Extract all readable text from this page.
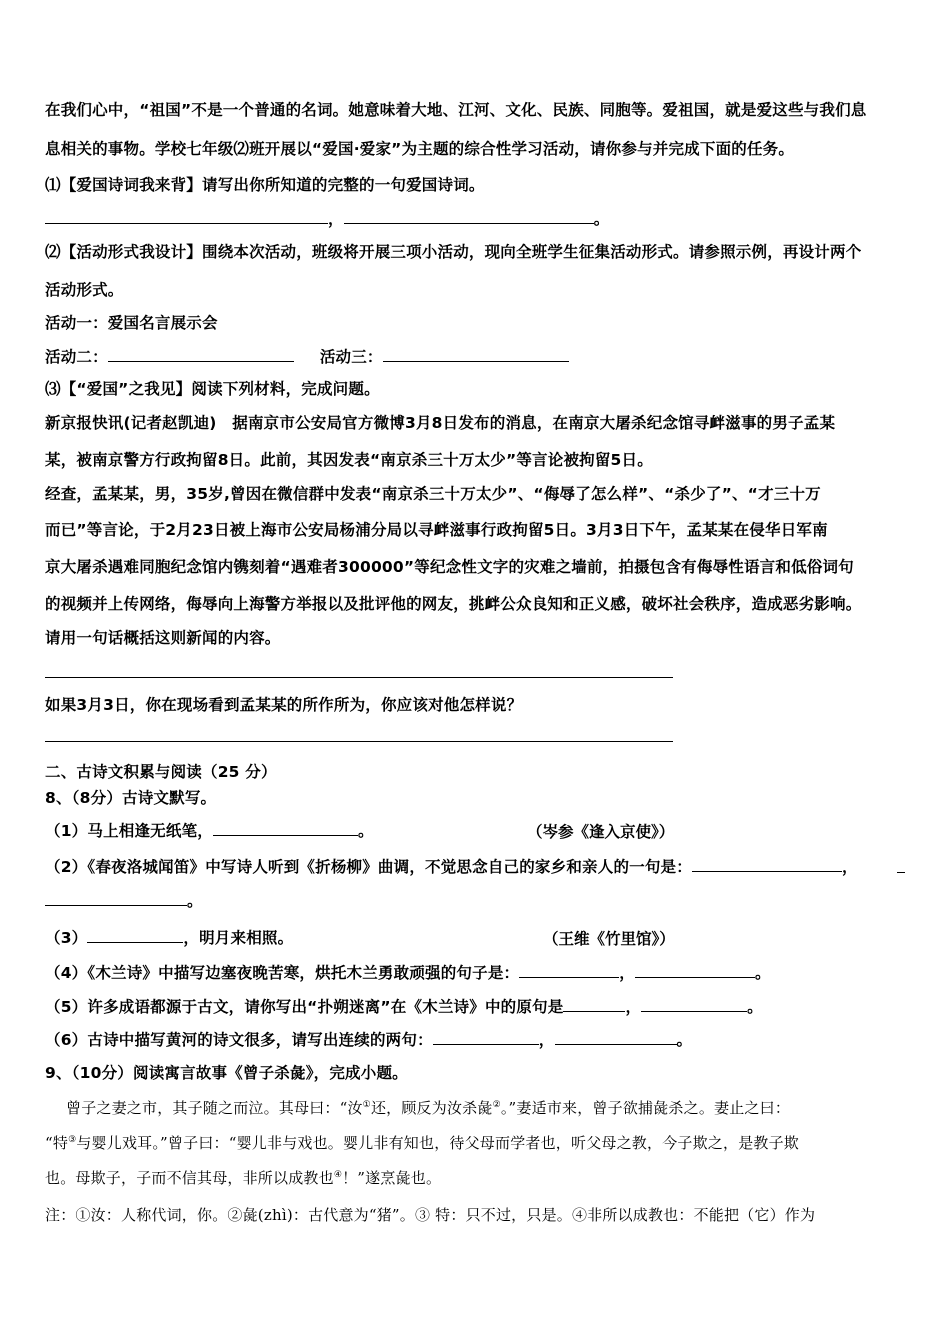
在我们心中，“祖国”不是一个普通的名词。她意味着大地、江河、文化、民族、同胞等。爱祖国，就是爱这些与我们息
息相关的事物。学校七年级⑵班开展以“爱国·爱家”为主题的综合性学习活动，请你参与并完成下面的任务。
⑴【爱国诗词我来背】请写出你所知道的完整的一句爱国诗词。
，	。
⑵【活动形式我设计】围绕本次活动，班级将开展三项小活动，现向全班学生征集活动形式。请参照示例，再设计两个
活动形式。
活动一：爱国名言展示会
活动二：	活动三：
⑶【“爱国”之我见】阅读下列材料，完成问题。
新京报快讯(记者赵凯迪)　据南京市公安局官方微博3月8日发布的消息，在南京大屠杀纪念馆寻衅滋事的男子孟某
某，被南京警方行政拘留8日。此前，其因发表“南京杀三十万太少”等言论被拘留5日。
经查，孟某某，男，35岁,曾因在微信群中发表“南京杀三十万太少”、“侮辱了怎么样”、“杀少了”、“才三十万
而已”等言论，于2月23日被上海市公安局杨浦分局以寻衅滋事行政拘留5日。3月3日下午，孟某某在侵华日军南
京大屠杀遇难同胞纪念馆内镌刻着“遇难者300000”等纪念性文字的灾难之墙前，拍摄包含有侮辱性语言和低俗词句
的视频并上传网络，侮辱向上海警方举报以及批评他的网友，挑衅公众良知和正义感，破坏社会秩序，造成恶劣影响。
请用一句话概括这则新闻的内容。
如果3月3日，你在现场看到孟某某的所作所为，你应该对他怎样说？
二、古诗文积累与阅读（25 分）
8、（8分）古诗文默写。
（1）马上相逢无纸笔，	。	（岑参《逢入京使》）
（2）《春夜洛城闻笛》中写诗人听到《折杨柳》曲调，不觉思念自己的家乡和亲人的一句是：	，
。
（3）	，明月来相照。	（王维《竹里馆》）
（4）《木兰诗》中描写边塞夜晚苦寒，烘托木兰勇敢顽强的句子是：	，	。
（5）许多成语都源于古文，请你写出“扑朔迷离”在《木兰诗》中的原句是	，	。
（6）古诗中描写黄河的诗文很多，请写出连续的两句：	，	。
9、（10分）阅读寓言故事《曾子杀彘》，完成小题。
曾子之妻之市，其子随之而泣。其母曰：“汝①还，顾反为汝杀彘②。”妻适市来，曾子欲捕彘杀之。妻止之曰：
“特③与婴儿戏耳。”曾子曰：“婴儿非与戏也。婴儿非有知也，待父母而学者也，听父母之教，今子欺之，是教子欺
也。母欺子，子而不信其母，非所以成教也④！”遂烹彘也。
注：①汝：人称代词，你。②彘(zhì)：古代意为“猪”。③ 特：只不过，只是。④非所以成教也：不能把（它）作为
